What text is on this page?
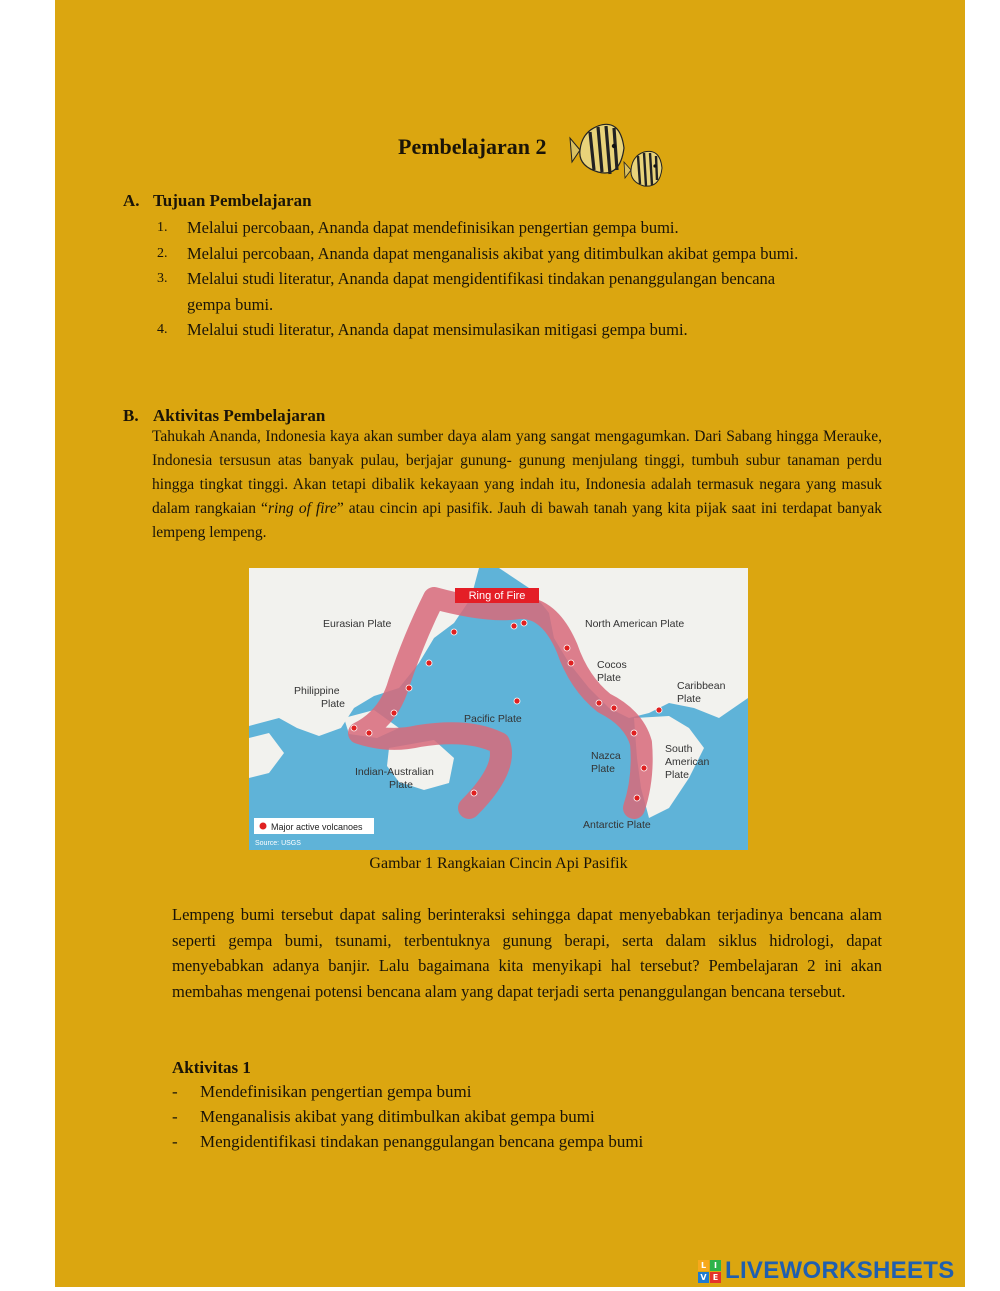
Pembelajaran 2
A. Tujuan Pembelajaran
1. Melalui percobaan, Ananda dapat mendefinisikan pengertian gempa bumi.
2. Melalui percobaan, Ananda dapat menganalisis akibat yang ditimbulkan akibat gempa bumi.
3. Melalui studi literatur, Ananda dapat mengidentifikasi tindakan penanggulangan bencana gempa bumi.
4. Melalui studi literatur, Ananda dapat mensimulasikan mitigasi gempa bumi.
B. Aktivitas Pembelajaran

Tahukah Ananda, Indonesia kaya akan sumber daya alam yang sangat mengagumkan. Dari Sabang hingga Merauke, Indonesia tersusun atas banyak pulau, berjajar gunung- gunung menjulang tinggi, tumbuh subur tanaman perdu hingga tingkat tinggi. Akan tetapi dibalik kekayaan yang indah itu, Indonesia adalah termasuk negara yang masuk dalam rangkaian “ring of fire” atau cincin api pasifik. Jauh di bawah tanah yang kita pijak saat ini terdapat banyak lempeng lempeng.

Ring of Fire
Eurasian Plate	North American Plate
Cocos
Plate
Caribbean
Plate
Philippine
Plate
Pacific Plate
Nazca
Plate
South
American
Plate
Indian-Australian
Plate
Antarctic Plate
Major active volcanoes
Source: USGS
Gambar 1 Rangkaian Cincin Api Pasifik

Lempeng bumi tersebut dapat saling berinteraksi sehingga dapat menyebabkan terjadinya bencana alam seperti gempa bumi, tsunami, terbentuknya gunung berapi, serta dalam siklus hidrologi, dapat menyebabkan adanya banjir. Lalu bagaimana kita menyikapi hal tersebut? Pembelajaran 2 ini akan membahas mengenai potensi bencana alam yang dapat terjadi serta penanggulangan bencana tersebut.

Aktivitas 1
- Mendefinisikan pengertian gempa bumi
- Menganalisis akibat yang ditimbulkan akibat gempa bumi
- Mengidentifikasi tindakan penanggulangan bencana gempa bumi
L I
V E LIVEWORKSHEETS
